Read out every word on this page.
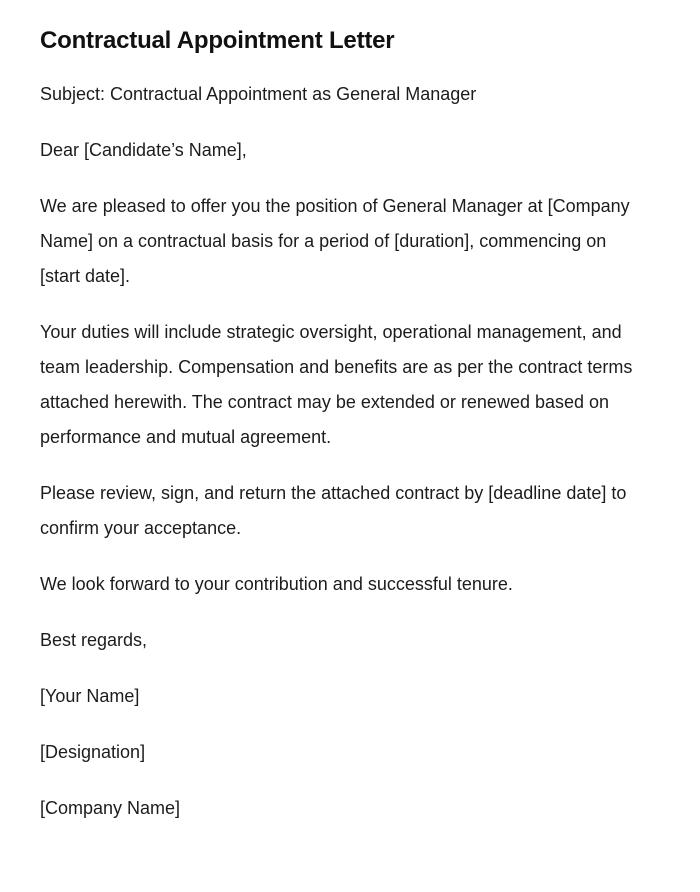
Contractual Appointment Letter

Subject: Contractual Appointment as General Manager

Dear [Candidate’s Name],

We are pleased to offer you the position of General Manager at [Company Name] on a contractual basis for a period of [duration], commencing on [start date].

Your duties will include strategic oversight, operational management, and team leadership. Compensation and benefits are as per the contract terms attached herewith. The contract may be extended or renewed based on performance and mutual agreement.

Please review, sign, and return the attached contract by [deadline date] to confirm your acceptance.

We look forward to your contribution and successful tenure.

Best regards,

[Your Name]

[Designation]

[Company Name]
